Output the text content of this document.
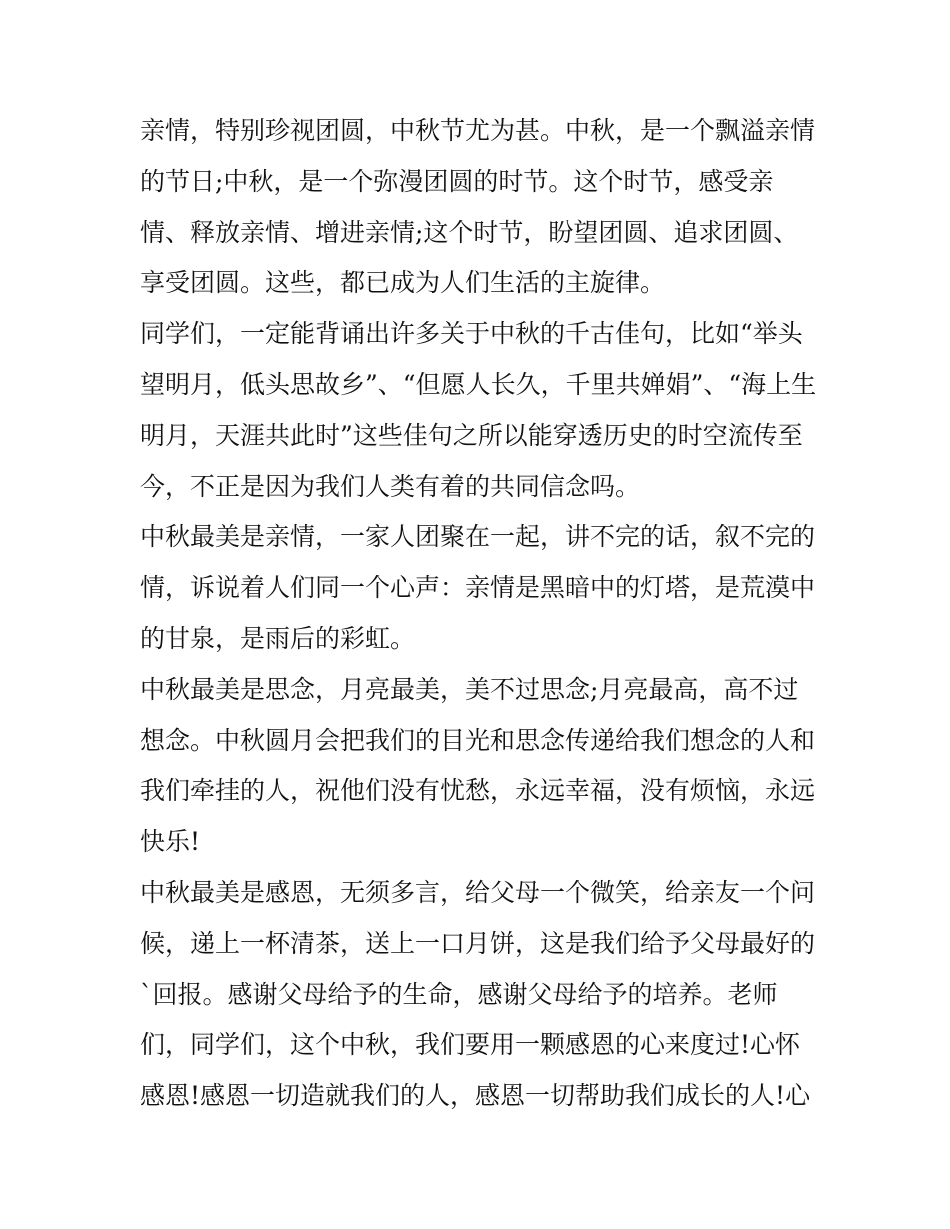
亲情，特别珍视团圆，中秋节尤为甚。中秋，是一个飘溢亲情
的节日;中秋，是一个弥漫团圆的时节。这个时节，感受亲
情、释放亲情、增进亲情;这个时节，盼望团圆、追求团圆、
享受团圆。这些，都已成为人们生活的主旋律。
同学们，一定能背诵出许多关于中秋的千古佳句，比如“举头
望明月，低头思故乡”、“但愿人长久，千里共婵娟”、“海上生
明月，天涯共此时”这些佳句之所以能穿透历史的时空流传至
今，不正是因为我们人类有着的共同信念吗。
中秋最美是亲情，一家人团聚在一起，讲不完的话，叙不完的
情，诉说着人们同一个心声：亲情是黑暗中的灯塔，是荒漠中
的甘泉，是雨后的彩虹。
中秋最美是思念，月亮最美，美不过思念;月亮最高，高不过
想念。中秋圆月会把我们的目光和思念传递给我们想念的人和
我们牵挂的人，祝他们没有忧愁，永远幸福，没有烦恼，永远
快乐!
中秋最美是感恩，无须多言，给父母一个微笑，给亲友一个问
候，递上一杯清茶，送上一口月饼，这是我们给予父母最好的
`回报。感谢父母给予的生命，感谢父母给予的培养。老师
们，同学们，这个中秋，我们要用一颗感恩的心来度过!心怀
感恩!感恩一切造就我们的人，感恩一切帮助我们成长的人!心
